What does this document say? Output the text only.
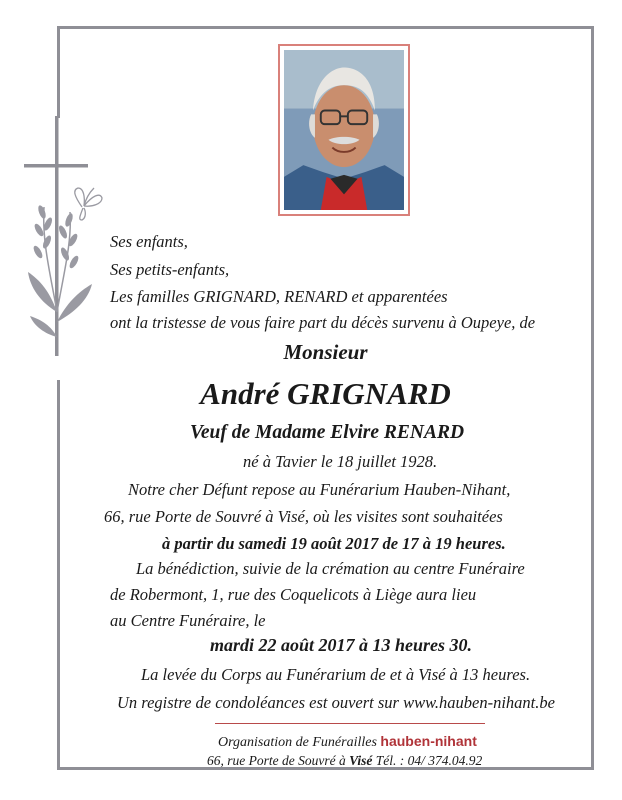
Ses enfants,
Ses petits-enfants,
Les familles GRIGNARD, RENARD et apparentées
ont la tristesse de vous faire part du décès survenu à Oupeye, de
Monsieur
André GRIGNARD
Veuf de Madame Elvire RENARD
né à Tavier le 18 juillet 1928.
Notre cher Défunt repose au Funérarium Hauben-Nihant,
66, rue Porte de Souvré à Visé, où les visites sont souhaitées
à partir du samedi 19 août 2017 de 17 à 19 heures.
La bénédiction, suivie de la crémation au centre Funéraire
de Robermont, 1, rue des Coquelicots à Liège aura lieu
au Centre Funéraire, le
mardi 22 août 2017 à 13 heures 30.
La levée du Corps au Funérarium de et à Visé à 13 heures.
Un registre de condoléances est ouvert sur www.hauben-nihant.be
Organisation de Funérailles hauben-nihant
66, rue Porte de Souvré à Visé Tél. : 04/ 374.04.92
